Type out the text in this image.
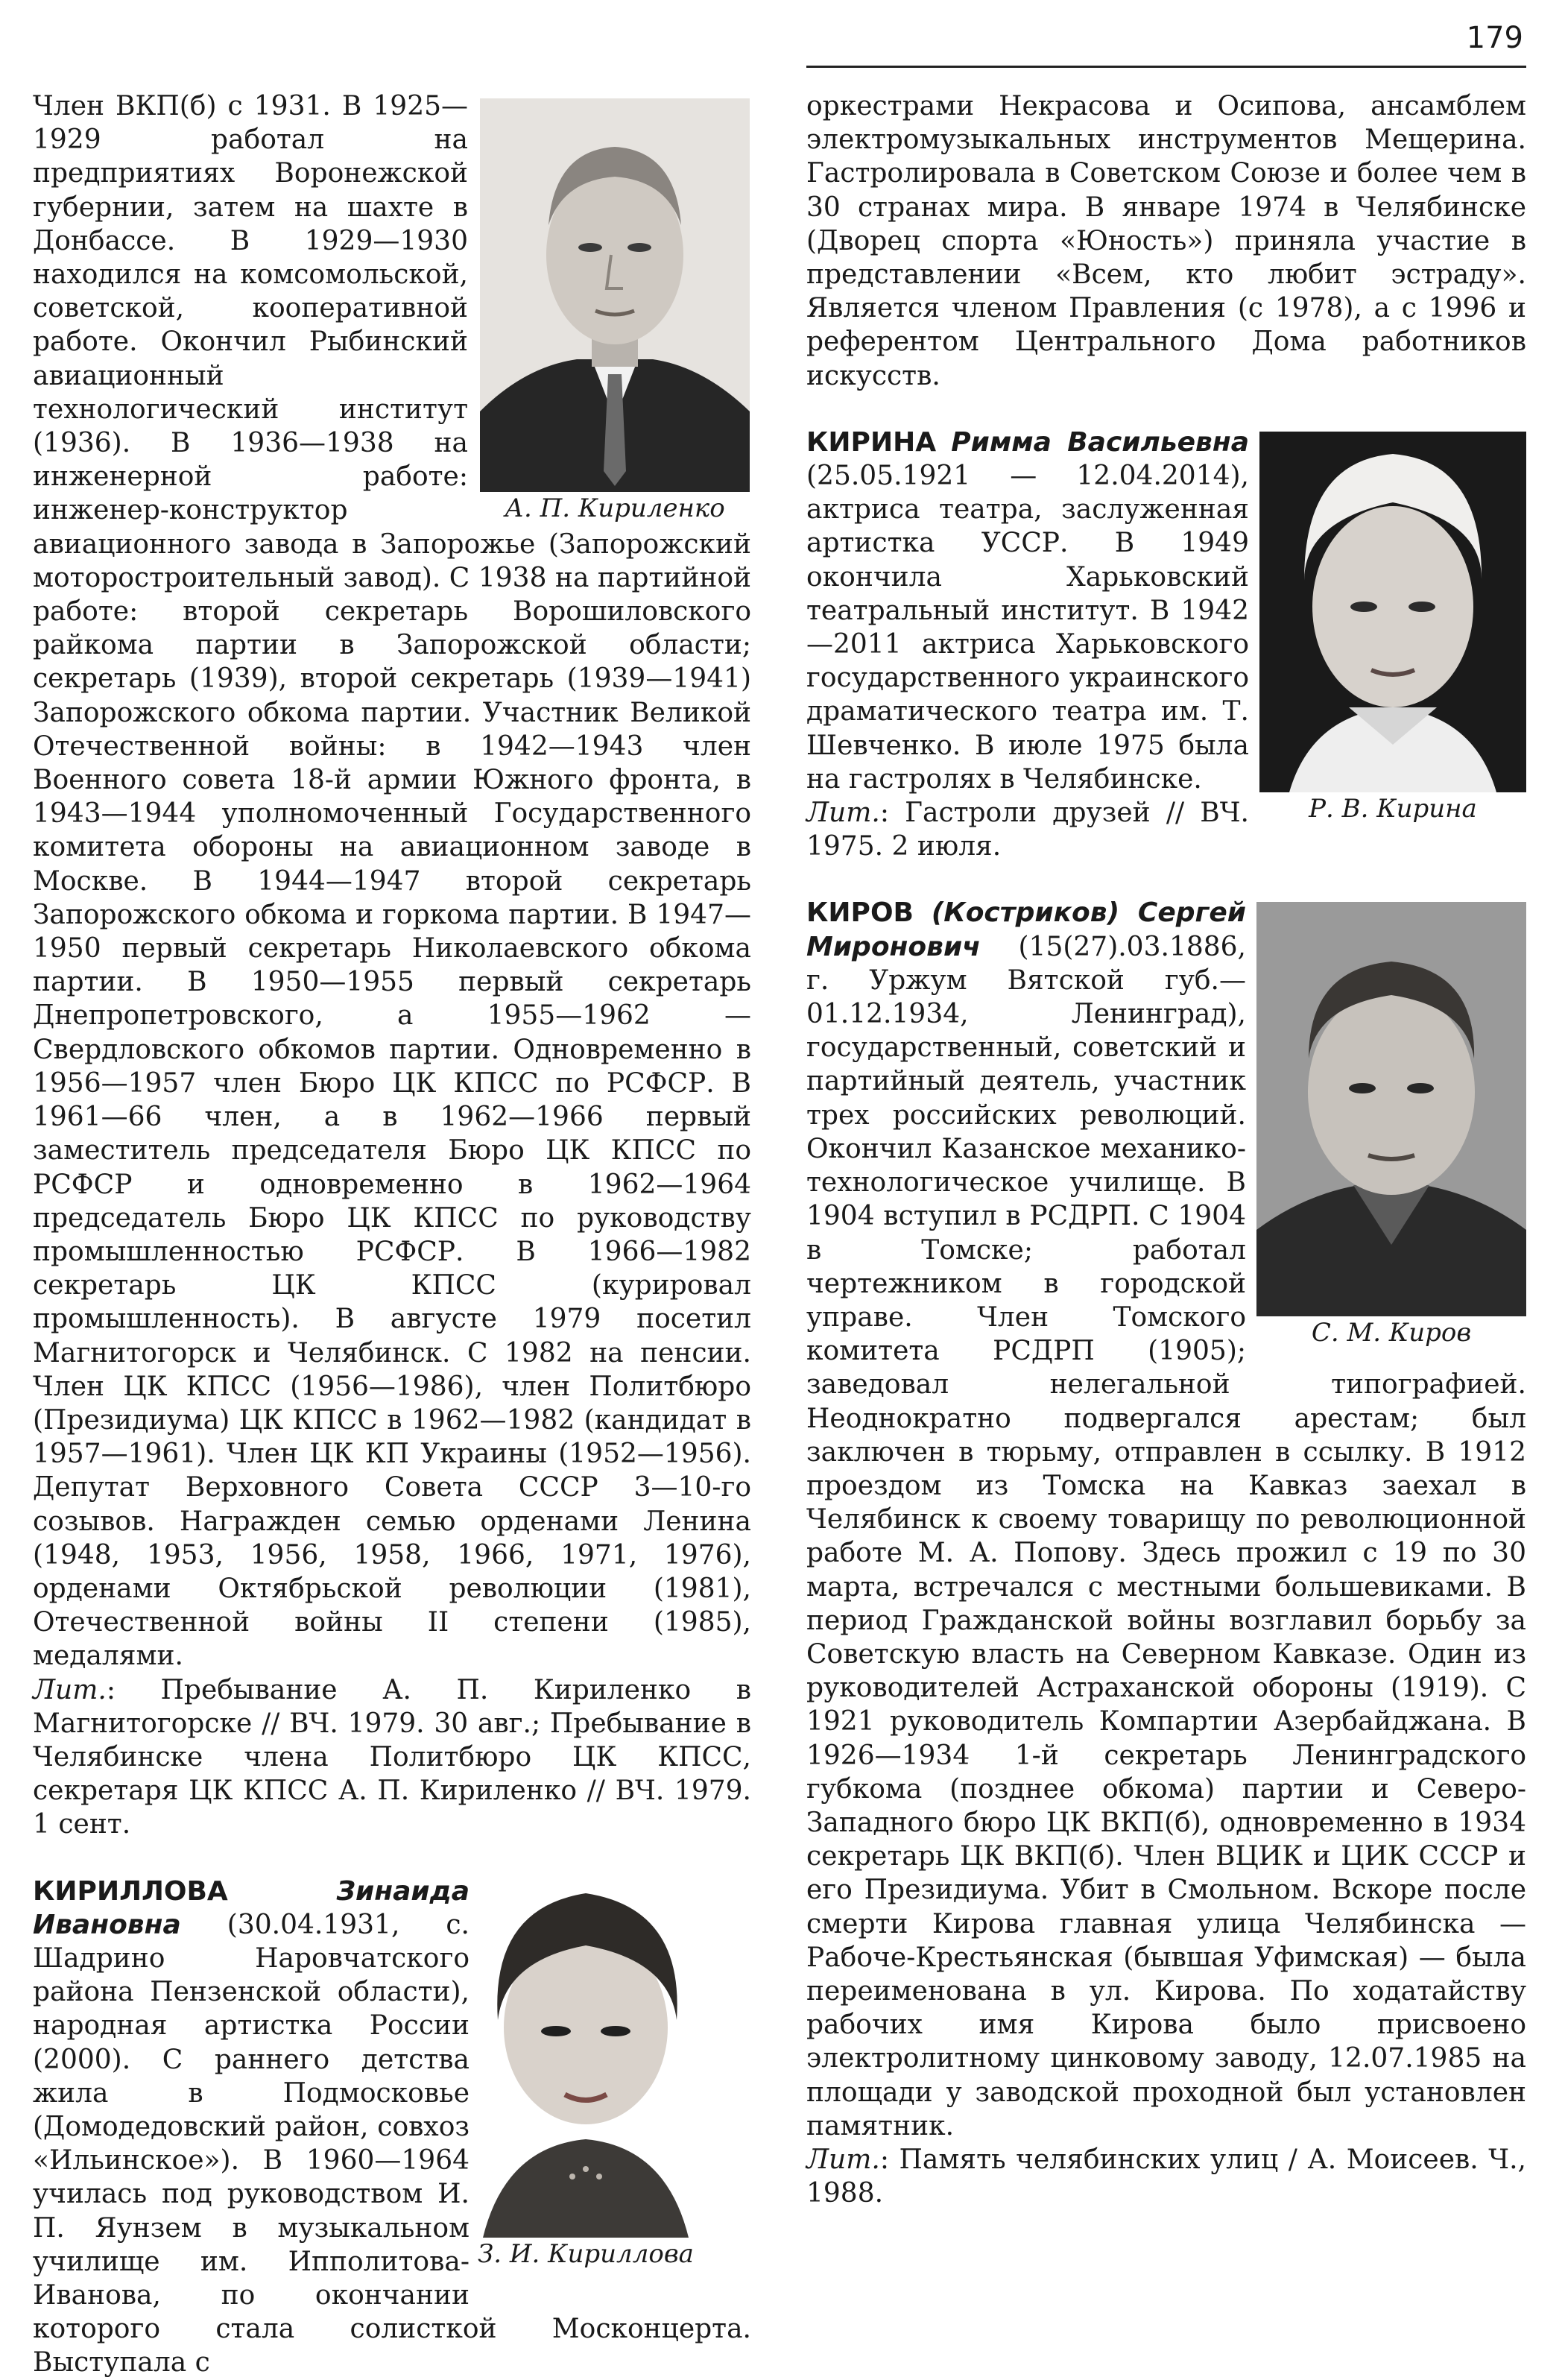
179

А. П. Кириленко

З. И. Кириллова

оркестрами Некрасова и Осипова, ансамблем электромузыкальных инструментов Мещерина. Гастролировала в Советском Союзе и более чем в 30 странах мира. В январе 1974 в Челябинске (Дворец спорта «Юность») приняла участие в представлении «Всем, кто любит эстраду». Является членом Правления (с 1978), а с 1996 и референтом Центрального Дома работников искусств.

Р. В. Кирина

КИРИНА Римма Васильевна (25.05.1921 — 12.04.2014), актриса театра, заслуженная артистка УССР. В 1949 окончила Харьковский театральный институт. В 1942—2011 актриса Харьковского государственного украинского драматического театра им. Т. Шевченко. В июле 1975 была на гастролях в Челябинске.
Лит.: Гастроли друзей // ВЧ. 1975. 2 июля.

С. М. Киров

КИРОВ (Костриков) Сергей Миронович (15(27).03.1886, г. Уржум Вятской губ.— 01.12.1934, Ленинград), государственный, советский и партийный деятель, участник трех российских революций. Окончил Казанское механико-технологическое училище. В 1904 вступил в РСДРП. С 1904 в Томске; работал чертежником в городской управе. Член Томского комитета РСДРП (1905); заведовал нелегальной типографией. Неоднократно подвергался арестам; был заключен в тюрьму, отправлен в ссылку. В 1912 проездом из Томска на Кавказ заехал в Челябинск к своему товарищу по революционной работе М. А. Попову. Здесь прожил с 19 по 30 марта, встречался с местными большевиками. В период Гражданской войны возглавил борьбу за Советскую власть на Северном Кавказе. Один из руководителей Астраханской обороны (1919). С 1921 руководитель Компартии Азербайджана. В 1926—1934 1-й секретарь Ленинградского губкома (позднее обкома) партии и Северо-Западного бюро ЦК ВКП(б), одновременно в 1934 секретарь ЦК ВКП(б). Член ВЦИК и ЦИК СССР и его Президиума. Убит в Смольном. Вскоре после смерти Кирова главная улица Челябинска — Рабоче-Крестьянская (бывшая Уфимская) — была переименована в ул. Кирова. По ходатайству рабочих имя Кирова было присвоено электролитному цинковому заводу, 12.07.1985 на площади у заводской проходной был установлен памятник.
Лит.: Память челябинских улиц / А. Моисеев. Ч., 1988.

Член ВКП(б) с 1931. В 1925—1929 работал на предприятиях Воронежской губернии, затем на шахте в Донбассе. В 1929—1930 находился на комсомольской, советской, кооперативной работе. Окончил Рыбинский авиационный технологический институт (1936). В 1936—1938 на инженерной работе: инженер-конструктор авиационного завода в Запорожье (Запорожский моторостроительный завод). С 1938 на партийной работе: второй секретарь Ворошиловского райкома партии в Запорожской области; секретарь (1939), второй секретарь (1939—1941) Запорожского обкома партии. Участник Великой Отечественной войны: в 1942—1943 член Военного совета 18-й армии Южного фронта, в 1943—1944 уполномоченный Государственного комитета обороны на авиационном заводе в Москве. В 1944—1947 второй секретарь Запорожского обкома и горкома партии. В 1947—1950 первый секретарь Николаевского обкома партии. В 1950—1955 первый секретарь Днепропетровского, а 1955—1962 — Свердловского обкомов партии. Одновременно в 1956—1957 член Бюро ЦК КПСС по РСФСР. В 1961—66 член, а в 1962—1966 первый заместитель председателя Бюро ЦК КПСС по РСФСР и одновременно в 1962—1964 председатель Бюро ЦК КПСС по руководству промышленностью РСФСР. В 1966—1982 секретарь ЦК КПСС (курировал промышленность). В августе 1979 посетил Магнитогорск и Челябинск. С 1982 на пенсии. Член ЦК КПСС (1956—1986), член Политбюро (Президиума) ЦК КПСС в 1962—1982 (кандидат в 1957—1961). Член ЦК КП Украины (1952—1956). Депутат Верховного Совета СССР 3—10-го созывов. Награжден семью орденами Ленина (1948, 1953, 1956, 1958, 1966, 1971, 1976), орденами Октябрьской революции (1981), Отечественной войны II степени (1985), медалями.
Лит.: Пребывание А. П. Кириленко в Магнитогорске // ВЧ. 1979. 30 авг.; Пребывание в Челябинске члена Политбюро ЦК КПСС, секретаря ЦК КПСС А. П. Кириленко // ВЧ. 1979. 1 сент.

КИРИЛЛОВА	Зинаида Ивановна (30.04.1931, с. Шадрино Наровчатского района Пензенской области), народная артистка России (2000). С раннего детства жила в Подмосковье (Домодедовский район, совхоз «Ильинское»). В 1960—1964 училась под руководством И. П. Яунзем в музыкальном училище им. Ипполитова-Иванова, по окончании которого стала солисткой Москонцерта. Выступала с
